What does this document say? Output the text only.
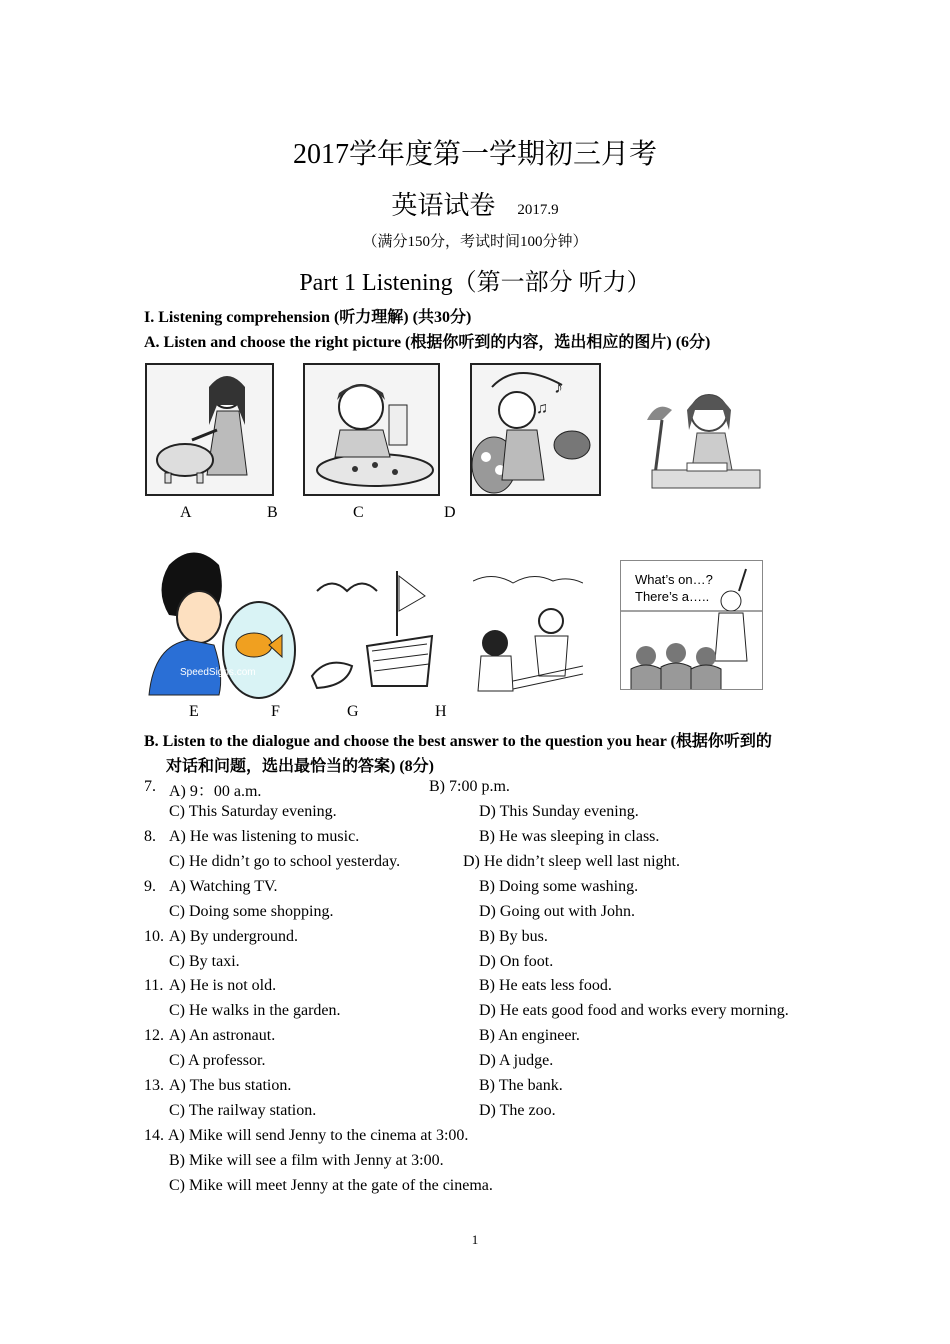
2017学年度第一学期初三月考
英语试卷 2017.9
（满分150分，考试时间100分钟）
Part 1 Listening（第一部分 听力）
I. Listening comprehension (听力理解) (共30分)
A. Listen and choose the right picture (根据你听到的内容，选出相应的图片) (6分)
♪
♫
A	B	C	D
SpeedSigns.com
What’s on…?
There’s a…..
E	F	G	H
B. Listen to the dialogue and choose the best answer to the question you hear (根据你听到的
对话和问题，选出最恰当的答案) (8分)
7. A) 9：00 a.m.	B) 7:00 p.m.
C) This Saturday evening.	D) This Sunday evening.
8. A) He was listening to music.	B) He was sleeping in class.
C) He didn’t go to school yesterday.	D) He didn’t sleep well last night.
9. A) Watching TV.	B) Doing some washing.
C) Doing some shopping.	D) Going out with John.
10. A) By underground.	B) By bus.
C) By taxi.	D) On foot.
11. A) He is not old.	B) He eats less food.
C) He walks in the garden.	D) He eats good food and works every morning.
12. A) An astronaut.	B) An engineer.
C) A professor.	D) A judge.
13. A) The bus station.	B) The bank.
C) The railway station.	D) The zoo.
14. A) Mike will send Jenny to the cinema at 3:00.
B) Mike will see a film with Jenny at 3:00.
C) Mike will meet Jenny at the gate of the cinema.
1
